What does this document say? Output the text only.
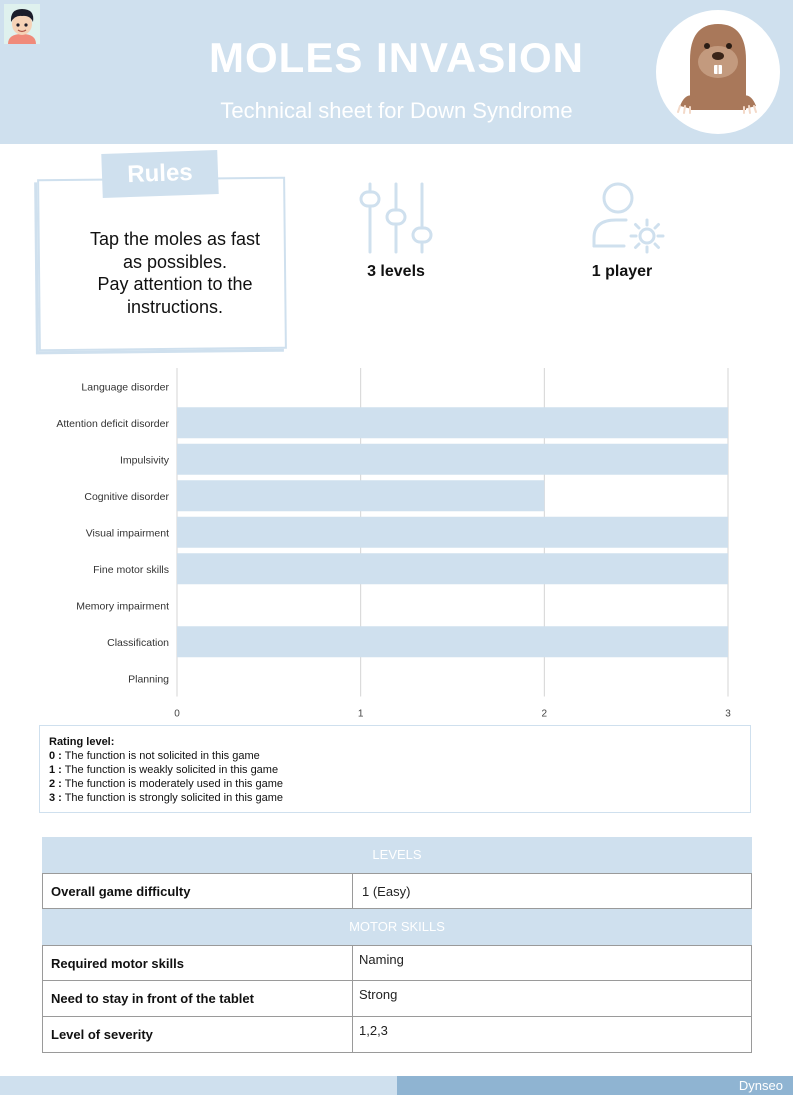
MOLES INVASION
Technical sheet for Down Syndrome
Rules
Tap the moles as fast
as possibles.
Pay attention to the
instructions.
3 levels	1 player
0	1	2	3
Language disorder
Attention deficit disorder
Impulsivity
Cognitive disorder
Visual impairment
Fine motor skills
Memory impairment
Classification
Planning
Rating level:
0 : The function is not solicited in this game
1 : The function is weakly solicited in this game
2 : The function is moderately used in this game
3 : The function is strongly solicited in this game
LEVELS
Overall game difficulty	1 (Easy)
MOTOR SKILLS
Required motor skills	Naming
Need to stay in front of the tablet	Strong
Level of severity	1,2,3
Dynseo
